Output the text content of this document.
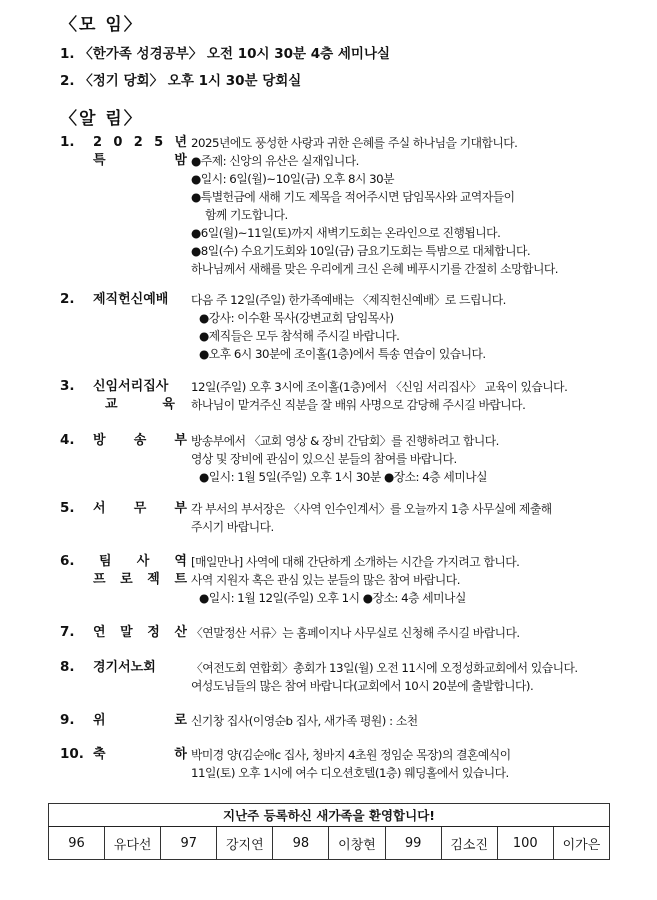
〈모 임〉
1. 〈한가족 성경공부〉 오전 10시 30분 4층 세미나실
2. 〈정기 당회〉 오후 1시 30분 당회실
〈알 림〉
1. 2 0 2 5 년
특 밤
2025년에도 풍성한 사랑과 귀한 은혜를 주실 하나님을 기대합니다.
●주제: 신앙의 유산은 실재입니다.
●일시: 6일(월)~10일(금) 오후 8시 30분
●특별헌금에 새해 기도 제목을 적어주시면 담임목사와 교역자들이
함께 기도합니다.
●6일(월)~11일(토)까지 새벽기도회는 온라인으로 진행됩니다.
●8일(수) 수요기도회와 10일(금) 금요기도회는 특밤으로 대체합니다.
하나님께서 새해를 맞은 우리에게 크신 은혜 베푸시기를 간절히 소망합니다.
2. 제직헌신예배	다음 주 12일(주일) 한가족예배는 〈제직헌신예배〉로 드립니다.
●강사: 이수환 목사(강변교회 담임목사)
●제직들은 모두 참석해 주시길 바랍니다.
●오후 6시 30분에 조이홀(1층)에서 특송 연습이 있습니다.
3. 신임서리집사
교 육
12일(주일) 오후 3시에 조이홀(1층)에서 〈신임 서리집사〉 교육이 있습니다.
하나님이 맡겨주신 직분을 잘 배워 사명으로 감당해 주시길 바랍니다.
4. 방 송 부 방송부에서 〈교회 영상 & 장비 간담회〉를 진행하려고 합니다.
영상 및 장비에 관심이 있으신 분들의 참여를 바랍니다.
●일시: 1월 5일(주일) 오후 1시 30분 ●장소: 4층 세미나실
5. 서 무 부 각 부서의 부서장은 〈사역 인수인계서〉를 오늘까지 1층 사무실에 제출해
주시기 바랍니다.
6.	팀 사 역
프 로 젝 트
[매일만나] 사역에 대해 간단하게 소개하는 시간을 가지려고 합니다.
사역 지원자 혹은 관심 있는 분들의 많은 참여 바랍니다.
●일시: 1월 12일(주일) 오후 1시 ●장소: 4층 세미나실
7. 연 말 정 산 〈연말정산 서류〉는 홈페이지나 사무실로 신청해 주시길 바랍니다.
8. 경기서노회	〈여전도회 연합회〉총회가 13일(월) 오전 11시에 오정성화교회에서 있습니다.
여성도님들의 많은 참여 바랍니다(교회에서 10시 20분에 출발합니다).
9. 위 로 신기창 집사(이영순b 집사, 새가족 평원) : 소천
10. 축 하 박미경 양(김순애c 집사, 청바지 4초원 정임순 목장)의 결혼예식이
11일(토) 오후 1시에 여수 디오션호텔(1층) 웨딩홀에서 있습니다.
지난주 등록하신 새가족을 환영합니다!
96	유다선	97	강지연	98	이창현	99	김소진	100	이가은
